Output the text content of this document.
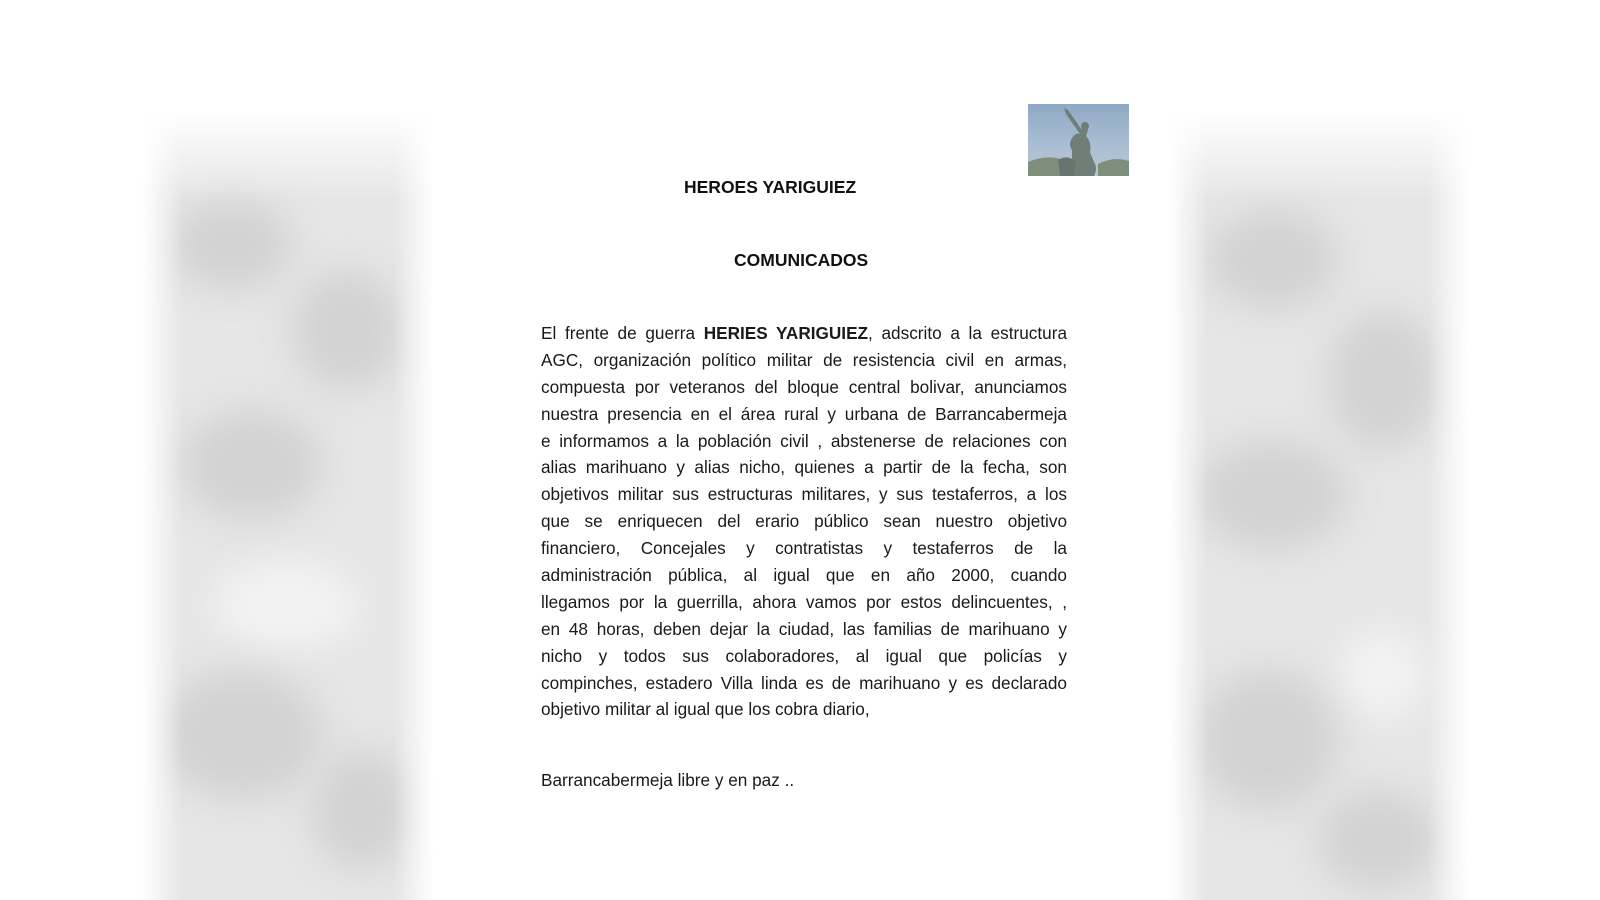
HEROES YARIGUIEZ
COMUNICADOS
El frente de guerra HERIES YARIGUIEZ, adscrito a la estructura
AGC, organización político militar de resistencia civil en armas,
compuesta por veteranos del bloque central bolivar, anunciamos
nuestra presencia en el área rural y urbana de Barrancabermeja
e informamos a la población civil , abstenerse de relaciones con
alias marihuano y alias nicho, quienes a partir de la fecha, son
objetivos militar sus estructuras militares, y sus testaferros, a los
que se enriquecen del erario público sean nuestro objetivo
financiero, Concejales y contratistas y testaferros de la
administración pública, al igual que en año 2000, cuando
llegamos por la guerrilla, ahora vamos por estos delincuentes, ,
en 48 horas, deben dejar la ciudad, las familias de marihuano y
nicho y todos sus colaboradores, al igual que policías y
compinches, estadero Villa linda es de marihuano y es declarado
objetivo militar al igual que los cobra diario,
Barrancabermeja libre y en paz ..
